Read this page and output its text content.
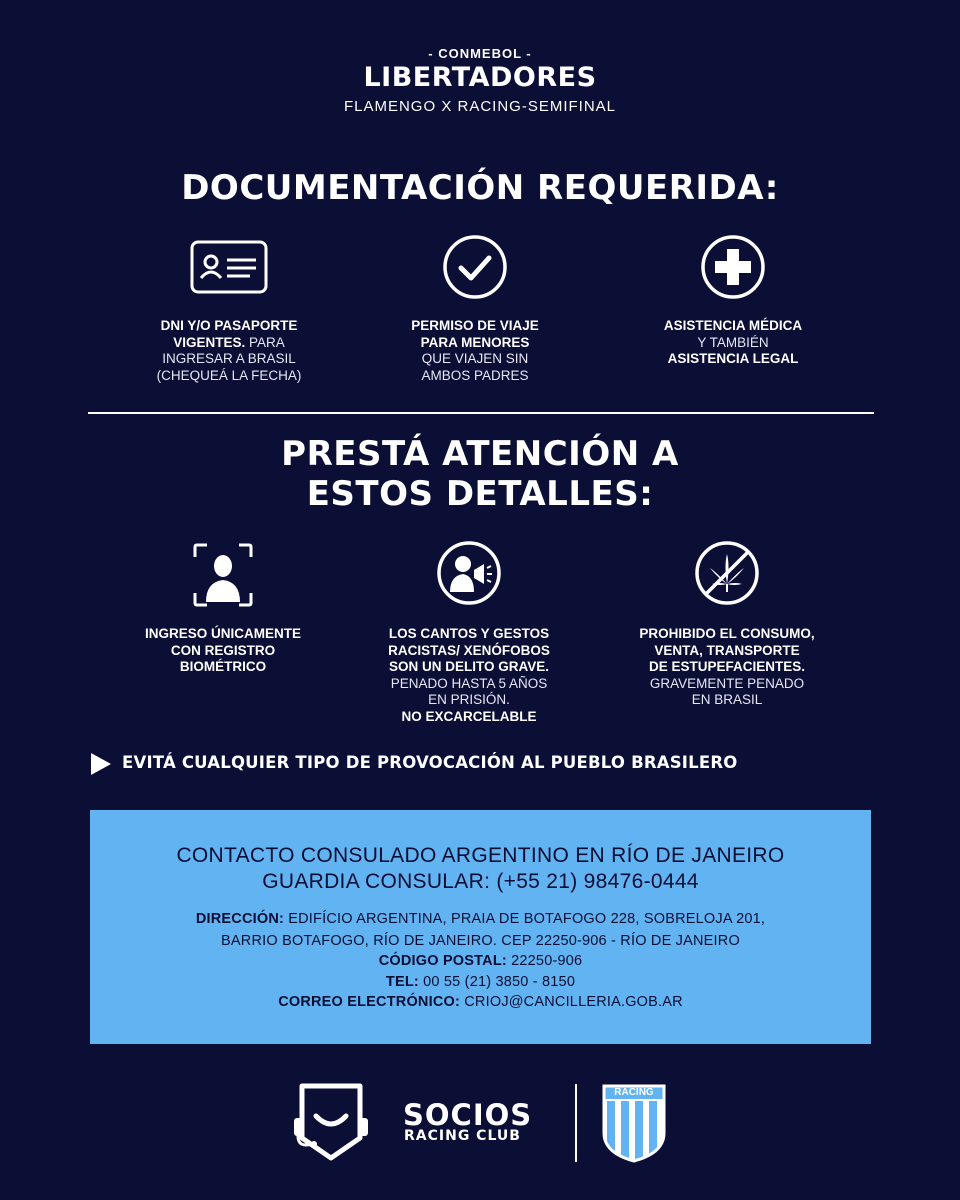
- CONMEBOL -
LIBERTADORES
FLAMENGO X RACING-SEMIFINAL
DOCUMENTACIÓN REQUERIDA:
DNI Y/O PASAPORTE
VIGENTES. PARA
INGRESAR A BRASIL
(CHEQUEÁ LA FECHA)
PERMISO DE VIAJE
PARA MENORES
QUE VIAJEN SIN
AMBOS PADRES
ASISTENCIA MÉDICA
Y TAMBIÉN
ASISTENCIA LEGAL
PRESTÁ ATENCIÓN A
ESTOS DETALLES:
INGRESO ÚNICAMENTE
CON REGISTRO
BIOMÉTRICO
LOS CANTOS Y GESTOS
RACISTAS/ XENÓFOBOS
SON UN DELITO GRAVE.
PENADO HASTA 5 AÑOS
EN PRISIÓN.
NO EXCARCELABLE
PROHIBIDO EL CONSUMO,
VENTA, TRANSPORTE
DE ESTUPEFACIENTES.
GRAVEMENTE PENADO
EN BRASIL
EVITÁ CUALQUIER TIPO DE PROVOCACIÓN AL PUEBLO BRASILERO
CONTACTO CONSULADO ARGENTINO EN RÍO DE JANEIRO
GUARDIA CONSULAR: (+55 21) 98476-0444
DIRECCIÓN: EDIFÍCIO ARGENTINA, PRAIA DE BOTAFOGO 228, SOBRELOJA 201,
BARRIO BOTAFOGO, RÍO DE JANEIRO. CEP 22250-906 - RÍO DE JANEIRO
CÓDIGO POSTAL: 22250-906
TEL: 00 55 (21) 3850 - 8150
CORREO ELECTRÓNICO: CRIOJ@CANCILLERIA.GOB.AR
SOCIOS
RACING CLUB
RACING
